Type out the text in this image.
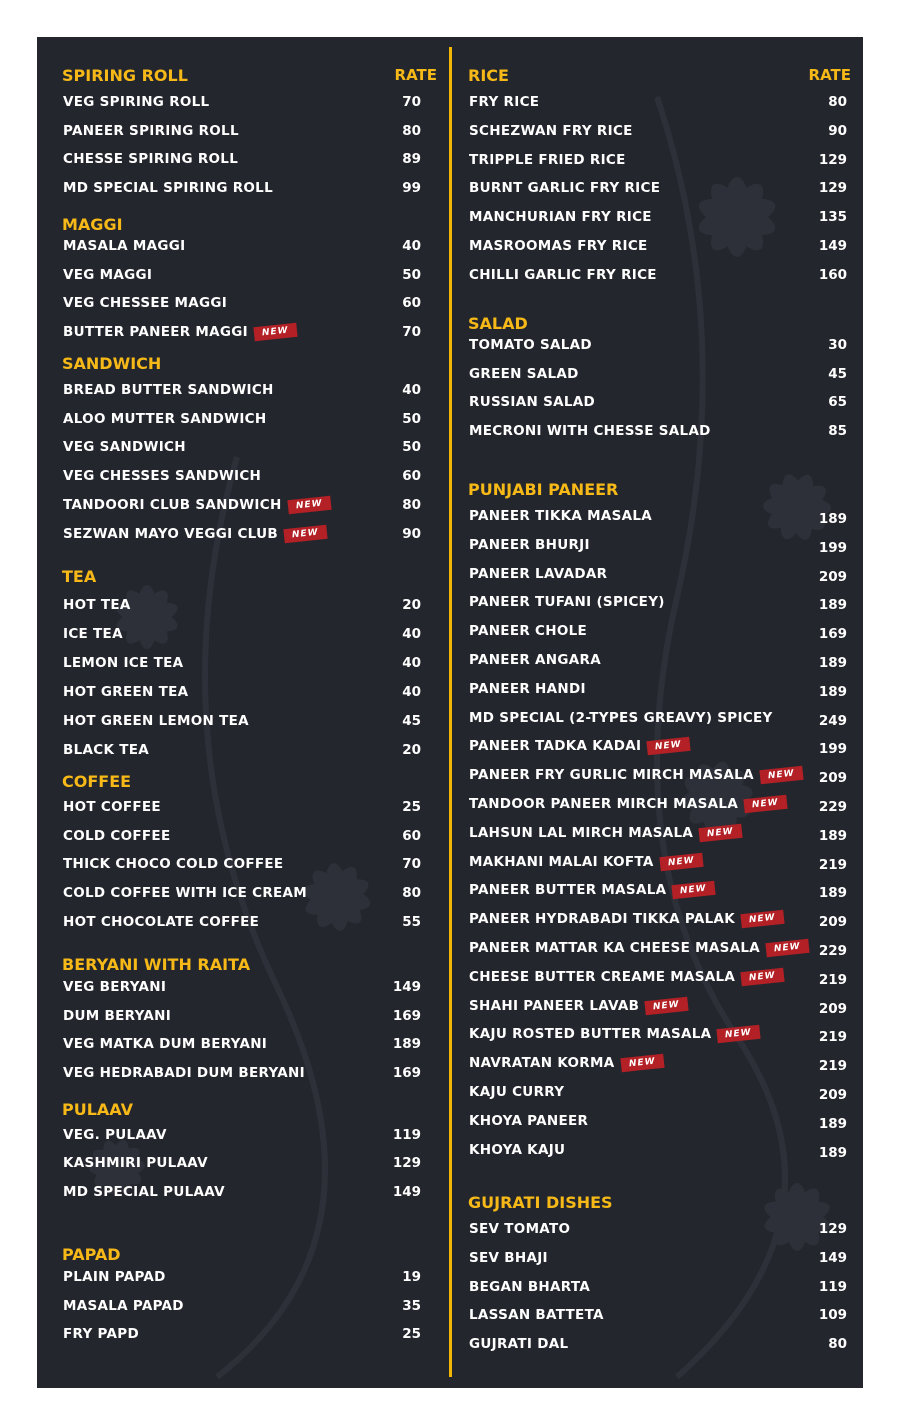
RATE
SPIRING ROLL
VEG SPIRING ROLL	70
PANEER SPIRING ROLL	80
CHESSE SPIRING ROLL	89
MD SPECIAL SPIRING ROLL	99
MAGGI
MASALA MAGGI	40
VEG MAGGI	50
VEG CHESSEE MAGGI	60
BUTTER PANEER MAGGI NEW	70
SANDWICH
BREAD BUTTER SANDWICH	40
ALOO MUTTER SANDWICH	50
VEG SANDWICH	50
VEG CHESSES SANDWICH	60
TANDOORI CLUB SANDWICH NEW	80
SEZWAN MAYO VEGGI CLUB NEW	90
TEA
HOT TEA	20
ICE TEA	40
LEMON ICE TEA	40
HOT GREEN TEA	40
HOT GREEN LEMON TEA	45
BLACK TEA	20
COFFEE
HOT COFFEE	25
COLD COFFEE	60
THICK CHOCO COLD COFFEE	70
COLD COFFEE WITH ICE CREAM	80
HOT CHOCOLATE COFFEE	55
BERYANI WITH RAITA
VEG BERYANI	149
DUM BERYANI	169
VEG MATKA DUM BERYANI	189
VEG HEDRABADI DUM BERYANI	169
PULAAV
VEG. PULAAV	119
KASHMIRI PULAAV	129
MD SPECIAL PULAAV	149
PAPAD
PLAIN PAPAD	19
MASALA PAPAD	35
FRY PAPD	25
RATE
RICE
FRY RICE	80
SCHEZWAN FRY RICE	90
TRIPPLE FRIED RICE	129
BURNT GARLIC FRY RICE	129
MANCHURIAN FRY RICE	135
MASROOMAS FRY RICE	149
CHILLI GARLIC FRY RICE	160
SALAD
TOMATO SALAD	30
GREEN SALAD	45
RUSSIAN SALAD	65
MECRONI WITH CHESSE SALAD	85
PUNJABI PANEER
PANEER TIKKA MASALA	189
PANEER BHURJI	199
PANEER LAVADAR	209
PANEER TUFANI (SPICEY)	189
PANEER CHOLE	169
PANEER ANGARA	189
PANEER HANDI	189
MD SPECIAL (2-TYPES GREAVY) SPICEY	249
PANEER TADKA KADAI NEW	199
PANEER FRY GURLIC MIRCH MASALA NEW	209
TANDOOR PANEER MIRCH MASALA NEW	229
LAHSUN LAL MIRCH MASALA NEW	189
MAKHANI MALAI KOFTA NEW	219
PANEER BUTTER MASALA NEW	189
PANEER HYDRABADI TIKKA PALAK NEW	209
PANEER MATTAR KA CHEESE MASALA NEW	229
CHEESE BUTTER CREAME MASALA NEW	219
SHAHI PANEER LAVAB NEW	209
KAJU ROSTED BUTTER MASALA NEW	219
NAVRATAN KORMA NEW	219
KAJU CURRY	209
KHOYA PANEER	189
KHOYA KAJU	189
GUJRATI DISHES
SEV TOMATO	129
SEV BHAJI	149
BEGAN BHARTA	119
LASSAN BATTETA	109
GUJRATI DAL	80
